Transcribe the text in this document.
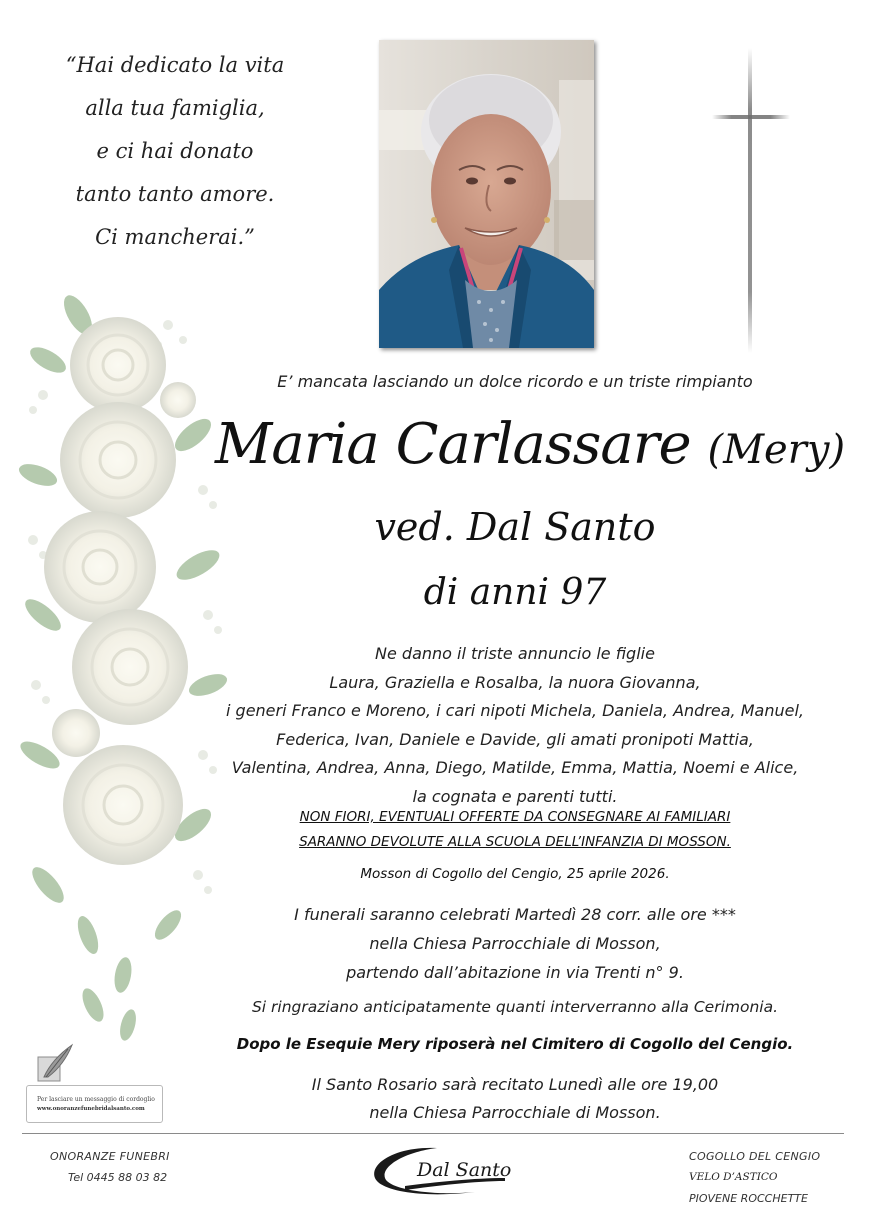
“Hai dedicato la vita
alla tua famiglia,
e ci hai donato
tanto tanto amore.
Ci mancherai.”
E’ mancata lasciando un dolce ricordo e un triste rimpianto
Maria Carlassare (Mery)
ved. Dal Santo
di anni 97
Ne danno il triste annuncio le figlie
Laura, Graziella e Rosalba, la nuora Giovanna,
i generi Franco e Moreno, i cari nipoti Michela, Daniela, Andrea, Manuel,
Federica, Ivan, Daniele e Davide, gli amati pronipoti Mattia,
Valentina, Andrea, Anna, Diego, Matilde, Emma, Mattia, Noemi e Alice,
la cognata e parenti tutti.
NON FIORI, EVENTUALI OFFERTE DA CONSEGNARE AI FAMILIARI
SARANNO DEVOLUTE ALLA SCUOLA DELL’INFANZIA DI MOSSON.
Mosson di Cogollo del Cengio, 25 aprile 2026.
I funerali saranno celebrati Martedì 28 corr. alle ore ***
nella Chiesa Parrocchiale di Mosson,
partendo dall’abitazione in via Trenti n° 9.
Si ringraziano anticipatamente quanti interverranno alla Cerimonia.
Dopo le Esequie Mery riposerà nel Cimitero di Cogollo del Cengio.
Il Santo Rosario sarà recitato Lunedì alle ore 19,00
nella Chiesa Parrocchiale di Mosson.
Per lasciare un messaggio di cordoglio
www.onoranzefunebridalsanto.com
ONORANZE FUNEBRI
Tel 0445 88 03 82	Dal Santo
COGOLLO DEL CENGIO
VELO D’ASTICO
PIOVENE ROCCHETTE
